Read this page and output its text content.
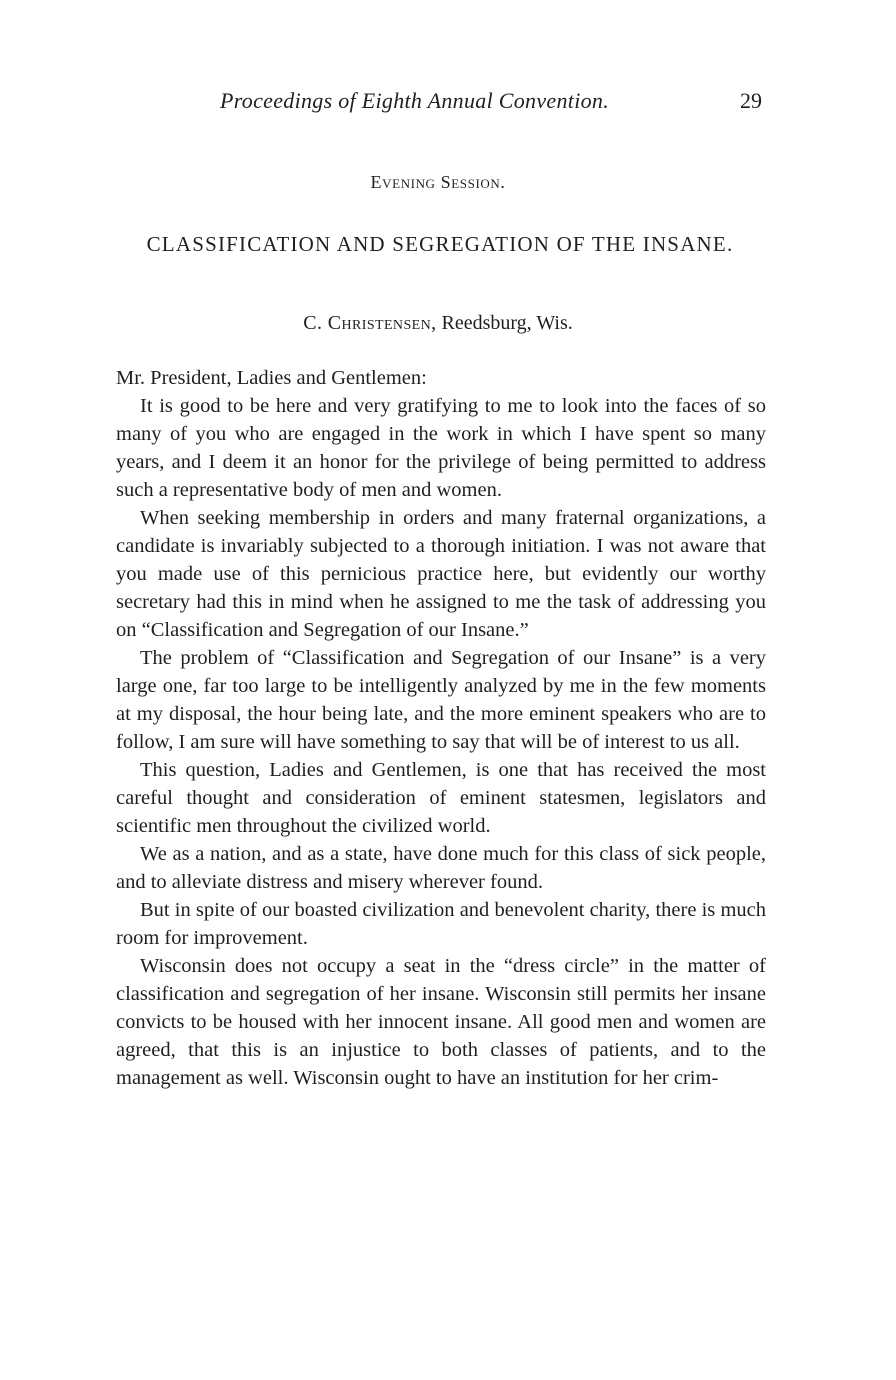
Proceedings of Eighth Annual Convention.	29
Evening Session.
CLASSIFICATION AND SEGREGATION OF THE INSANE.
C. Christensen, Reedsburg, Wis.

Mr. President, Ladies and Gentlemen:

It is good to be here and very gratifying to me to look into the faces of so many of you who are engaged in the work in which I have spent so many years, and I deem it an honor for the privilege of being permitted to address such a representative body of men and women.

When seeking membership in orders and many fraternal organizations, a candidate is invariably subjected to a thorough initiation. I was not aware that you made use of this pernicious practice here, but evidently our worthy secretary had this in mind when he assigned to me the task of addressing you on “Classification and Segregation of our Insane.”

The problem of “Classification and Segregation of our Insane” is a very large one, far too large to be intelligently analyzed by me in the few moments at my disposal, the hour being late, and the more eminent speakers who are to follow, I am sure will have something to say that will be of interest to us all.

This question, Ladies and Gentlemen, is one that has received the most careful thought and consideration of eminent statesmen, legislators and scientific men throughout the civilized world.

We as a nation, and as a state, have done much for this class of sick people, and to alleviate distress and misery wherever found.

But in spite of our boasted civilization and benevolent charity, there is much room for improvement.

Wisconsin does not occupy a seat in the “dress circle” in the matter of classification and segregation of her insane. Wisconsin still permits her insane convicts to be housed with her innocent insane. All good men and women are agreed, that this is an injustice to both classes of patients, and to the management as well. Wisconsin ought to have an institution for her crim-
